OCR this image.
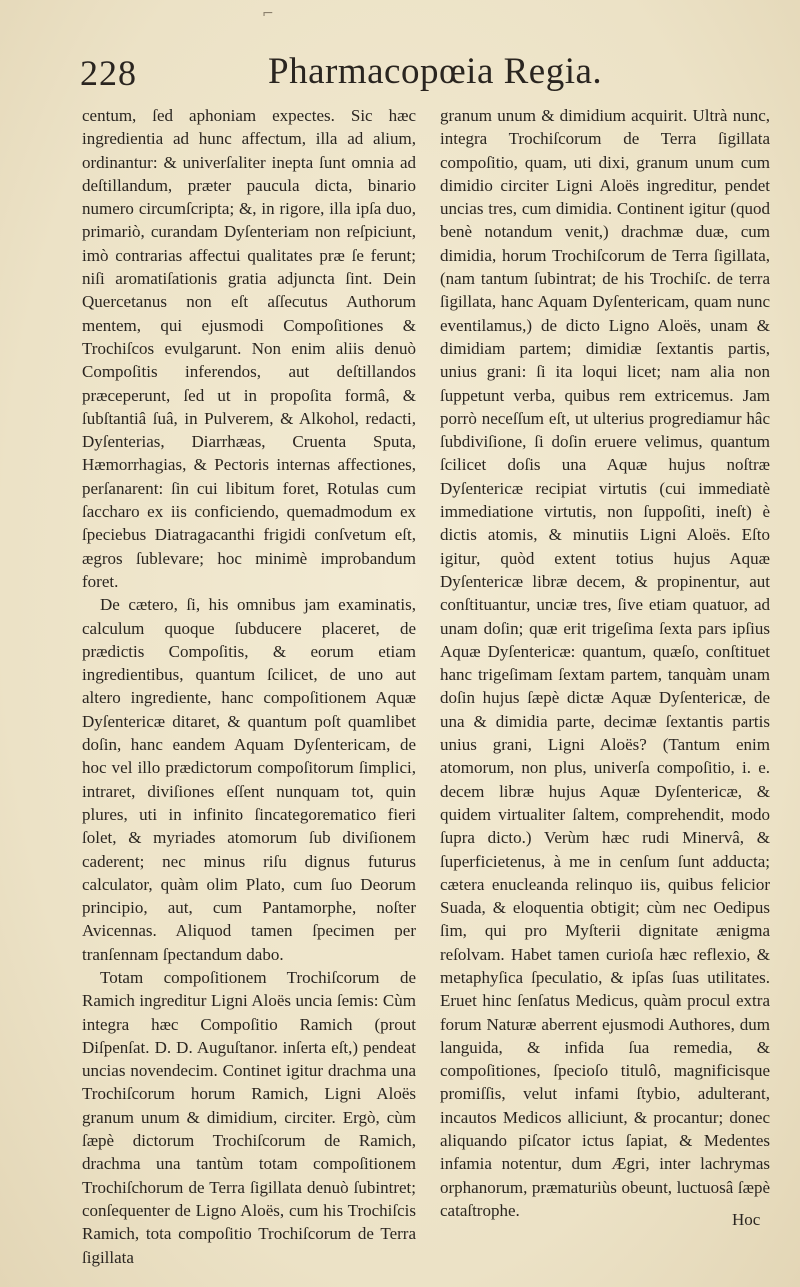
⌐
228	Pharmacopœia Regia.

centum, ſed aphoniam expectes. Sic hæc ingredientia ad hunc affectum, illa ad alium, ordinantur: & univerſaliter inepta ſunt omnia ad deſtillandum, præter paucula dicta, binario numero circumſcripta; &, in rigore, illa ipſa duo, primariò, curandam Dyſenteriam non reſpiciunt, imò contrarias affectui qualitates præ ſe ferunt; niſi aromatiſationis gratia adjuncta ſint. Dein Quercetanus non eſt aſſecutus Authorum mentem, qui ejusmodi Compoſitiones & Trochiſcos evulgarunt. Non enim aliis denuò Compoſitis inferendos, aut deſtillandos præceperunt, ſed ut in propoſita formâ, & ſubſtantiâ ſuâ, in Pulverem, & Alkohol, redacti, Dyſenterias, Diarrhæas, Cruenta Sputa, Hæmorrhagias, & Pectoris internas affectiones, perſanarent: ſin cui libitum foret, Rotulas cum ſaccharo ex iis conficiendo, quemadmodum ex ſpeciebus Diatragacanthi frigidi conſvetum eſt, ægros ſublevare; hoc minimè improbandum foret.

De cætero, ſi, his omnibus jam examinatis, calculum quoque ſubducere placeret, de prædictis Compoſitis, & eorum etiam ingredientibus, quantum ſcilicet, de uno aut altero ingrediente, hanc compoſitionem Aquæ Dyſentericæ ditaret, & quantum poſt quamlibet doſin, hanc eandem Aquam Dyſentericam, de hoc vel illo prædictorum compoſitorum ſimplici, intraret, diviſiones eſſent nunquam tot, quin plures, uti in infinito ſincategorematico fieri ſolet, & myriades atomorum ſub diviſionem caderent; nec minus riſu dignus futurus calculator, quàm olim Plato, cum ſuo Deorum principio, aut, cum Pantamorphe, noſter Avicennas. Aliquod tamen ſpecimen per tranſennam ſpectandum dabo.

Totam compoſitionem Trochiſcorum de Ramich ingreditur Ligni Aloës uncia ſemis: Cùm integra hæc Compoſitio Ramich (prout Diſpenſat. D. D. Auguſtanor. inſerta eſt,) pendeat uncias novendecim. Continet igitur drachma una Trochiſcorum horum Ramich, Ligni Aloës granum unum & dimidium, circiter. Ergò, cùm ſæpè dictorum Trochiſcorum de Ramich, drachma una tantùm totam compoſitionem Trochiſchorum de Terra ſigillata denuò ſubintret; conſequenter de Ligno Aloës, cum his Trochiſcis Ramich, tota compoſitio Trochiſcorum de Terra ſigillata

granum unum & dimidium acquirit. Ultrà nunc, integra Trochiſcorum de Terra ſigillata compoſitio, quam, uti dixi, granum unum cum dimidio circiter Ligni Aloës ingreditur, pendet uncias tres, cum dimidia. Continent igitur (quod benè notandum venit,) drachmæ duæ, cum dimidia, horum Trochiſcorum de Terra ſigillata, (nam tantum ſubintrat; de his Trochiſc. de terra ſigillata, hanc Aquam Dyſentericam, quam nunc eventilamus,) de dicto Ligno Aloës, unam & dimidiam partem; dimidiæ ſextantis partis, unius grani: ſi ita loqui licet; nam alia non ſuppetunt verba, quibus rem extricemus. Jam porrò neceſſum eſt, ut ulterius progrediamur hâc ſubdiviſione, ſi doſin eruere velimus, quantum ſcilicet doſis una Aquæ hujus noſtræ Dyſentericæ recipiat virtutis (cui immediatè immediatione virtutis, non ſuppoſiti, ineſt) è dictis atomis, & minutiis Ligni Aloës. Eſto igitur, quòd extent totius hujus Aquæ Dyſentericæ libræ decem, & propinentur, aut conſtituantur, unciæ tres, ſive etiam quatuor, ad unam doſin; quæ erit trigeſima ſexta pars ipſius Aquæ Dyſentericæ: quantum, quæſo, conſtituet hanc trigeſimam ſextam partem, tanquàm unam doſin hujus ſæpè dictæ Aquæ Dyſentericæ, de una & dimidia parte, decimæ ſextantis partis unius grani, Ligni Aloës? (Tantum enim atomorum, non plus, univerſa compoſitio, i. e. decem libræ hujus Aquæ Dyſentericæ, & quidem virtualiter ſaltem, comprehendit, modo ſupra dicto.) Verùm hæc rudi Minervâ, & ſuperficietenus, à me in cenſum ſunt adducta; cætera enucleanda relinquo iis, quibus felicior Suada, & eloquentia obtigit; cùm nec Oedipus ſim, qui pro Myſterii dignitate ænigma reſolvam. Habet tamen curioſa hæc reflexio, & metaphyſica ſpeculatio, & ipſas ſuas utilitates. Eruet hinc ſenſatus Medicus, quàm procul extra forum Naturæ aberrent ejusmodi Authores, dum languida, & infida ſua remedia, & compoſitiones, ſpecioſo titulô, magnificisque promiſſis, velut infami ſtybio, adulterant, incautos Medicos alliciunt, & procantur; donec aliquando piſcator ictus ſapiat, & Medentes infamia notentur, dum Ægri, inter lachrymas orphanorum, præmaturiùs obeunt, luctuosâ ſæpè cataſtrophe.	Hoc
